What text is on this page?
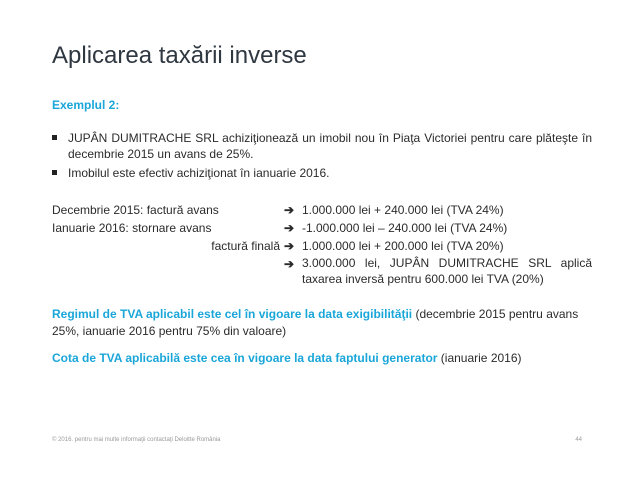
Aplicarea taxării inverse
Exemplul 2:
JUPÂN DUMITRACHE SRL achiziţionează un imobil nou în Piaţa Victoriei pentru care plăteşte în decembrie 2015 un avans de 25%.
Imobilul este efectiv achiziţionat în ianuarie 2016.
Decembrie 2015: factură avans	➔ 1.000.000 lei + 240.000 lei (TVA 24%)
Ianuarie 2016: stornare avans	➔ -1.000.000 lei – 240.000 lei (TVA 24%)
factură finală ➔ 1.000.000 lei + 200.000 lei (TVA 20%)
➔ 3.000.000 lei, JUPÂN DUMITRACHE SRL aplică taxarea inversă pentru 600.000 lei TVA (20%)
Regimul de TVA aplicabil este cel în vigoare la data exigibilităţii (decembrie 2015 pentru avans 25%, ianuarie 2016 pentru 75% din valoare)
Cota de TVA aplicabilă este cea în vigoare la data faptului generator (ianuarie 2016)
© 2016. pentru mai multe informaţii contactaţi Deloitte România	44
